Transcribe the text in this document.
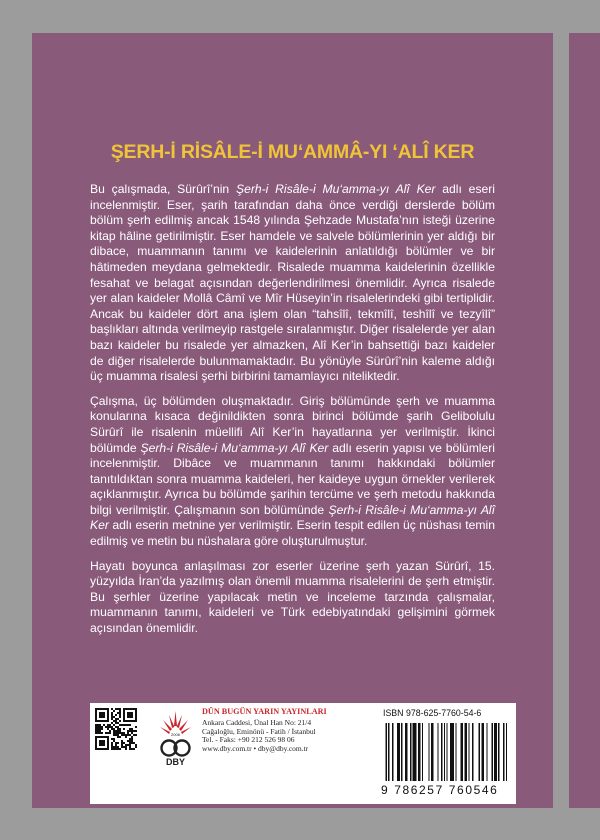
ŞERH-İ RİSÂLE-İ MU‘AMMÂ-YI ‘ALÎ KER

Bu çalışmada, Sürûrî’nin Şerh-i Risâle-i Mu‘amma-yı Alî Ker adlı eseri incelenmiştir. Eser, şarih tarafından daha önce verdiği derslerde bölüm bölüm şerh edilmiş ancak 1548 yılında Şehzade Mustafa’nın isteği üzerine kitap hâline getirilmiştir. Eser hamdele ve salvele bölümlerinin yer aldığı bir dibace, muammanın tanımı ve kaidelerinin anlatıldığı bölümler ve bir hâtimeden meydana gelmektedir. Risalede muamma kaidelerinin özellikle fesahat ve belagat açısından değerlendirilmesi önemlidir. Ayrıca risalede yer alan kaideler Mollâ Câmî ve Mîr Hüseyin’in risalelerindeki gibi tertiplidir. Ancak bu kaideler dört ana işlem olan “tahsîlî, tekmîlî, teshîlî ve tezyîlî” başlıkları altında verilmeyip rastgele sıralanmıştır. Diğer risalelerde yer alan bazı kaideler bu risalede yer almazken, Alî Ker’in bahsettiği bazı kaideler de diğer risalelerde bulunmamaktadır. Bu yönüyle Sürûrî’nin kaleme aldığı üç muamma risalesi şerhi birbirini tamamlayıcı niteliktedir.

Çalışma, üç bölümden oluşmaktadır. Giriş bölümünde şerh ve muamma konularına kısaca değinildikten sonra birinci bölümde şarih Gelibolulu Sürûrî ile risalenin müellifi Alî Ker’in hayatlarına yer verilmiştir. İkinci bölümde Şerh-i Risâle-i Mu‘amma-yı Alî Ker adlı eserin yapısı ve bölümleri incelenmiştir. Dibâce ve muammanın tanımı hakkındaki bölümler tanıtıldıktan sonra muamma kaideleri, her kaideye uygun örnekler verilerek açıklanmıştır. Ayrıca bu bölümde şarihin tercüme ve şerh metodu hakkında bilgi verilmiştir. Çalışmanın son bölümünde Şerh-i Risâle-i Mu‘amma-yı Alî Ker adlı eserin metnine yer verilmiştir. Eserin tespit edilen üç nüshası temin edilmiş ve metin bu nüshalara göre oluşturulmuştur.

Hayatı boyunca anlaşılması zor eserler üzerine şerh yazan Sürûrî, 15. yüzyılda İran’da yazılmış olan önemli muamma risalelerini de şerh etmiştir. Bu şerhler üzerine yapılacak metin ve inceleme tarzında çalışmalar, muammanın tanımı, kaideleri ve Türk edebiyatındaki gelişimini görmek açısından önemlidir.

2006
DBY
DÜN BUGÜN YARIN YAYINLARI
Ankara Caddesi, Ünal Han No: 21/4
Cağaloğlu, Eminönü - Fatih / İstanbul
Tel. - Faks: +90 212 526 98 06
www.dby.com.tr • dby@dby.com.tr
ISBN 978-625-7760-54-6
9 786257 760546
